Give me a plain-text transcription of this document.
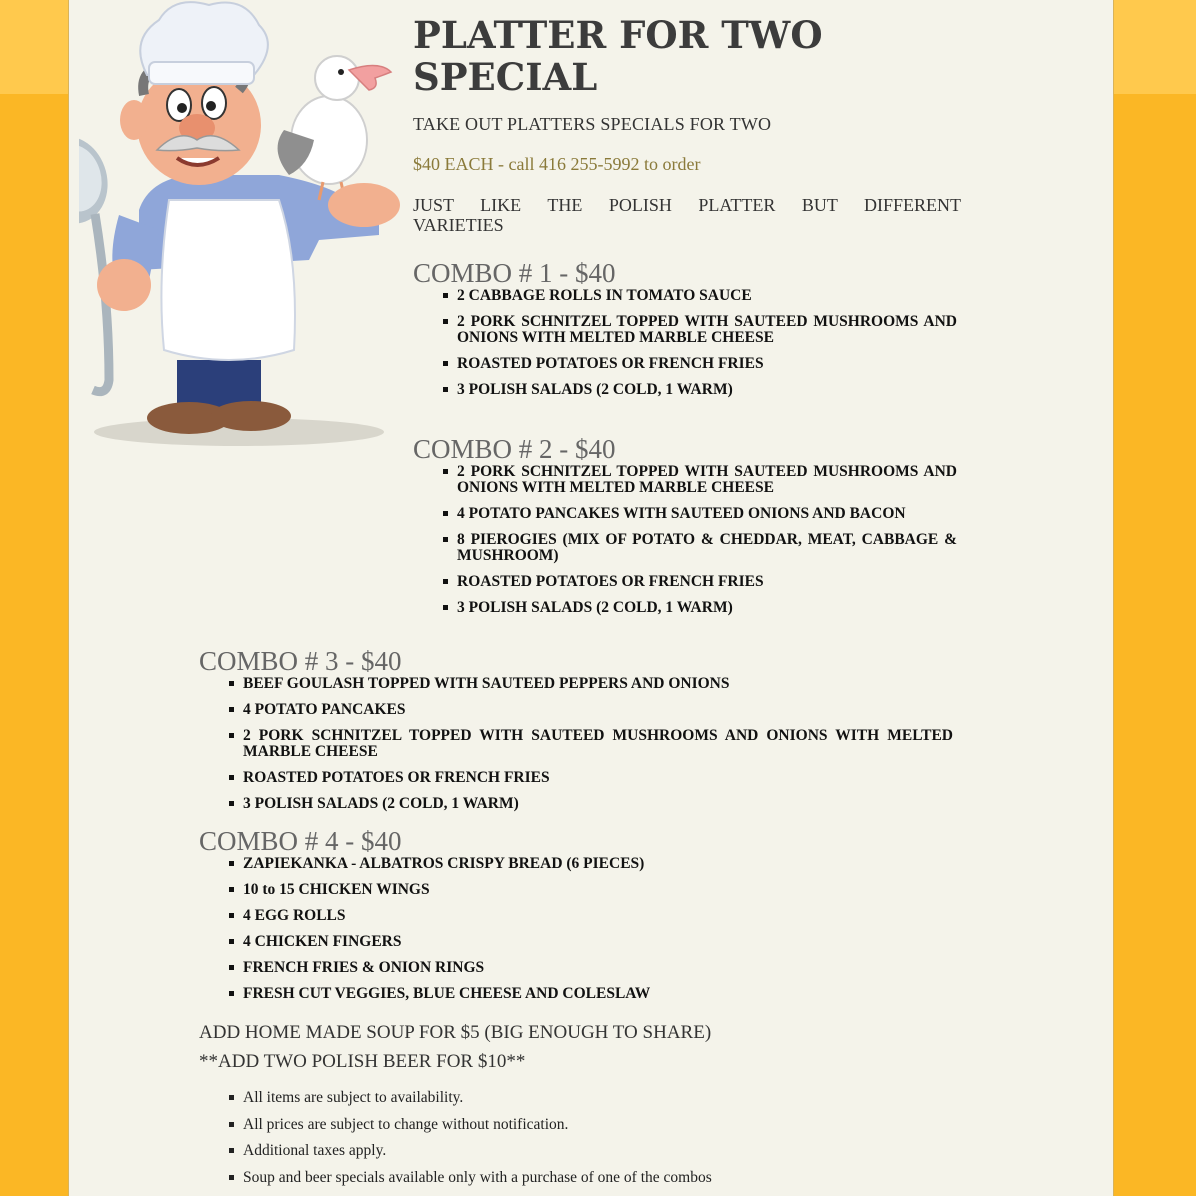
PLATTER FOR TWO
SPECIAL

TAKE OUT PLATTERS SPECIALS FOR TWO

$40 EACH - call 416 255-5992 to order

JUST LIKE THE POLISH PLATTER BUT DIFFERENT VARIETIES

COMBO # 1 - $40
2 CABBAGE ROLLS IN TOMATO SAUCE
2 PORK SCHNITZEL TOPPED WITH SAUTEED MUSHROOMS AND ONIONS WITH MELTED MARBLE CHEESE
ROASTED POTATOES OR FRENCH FRIES
3 POLISH SALADS (2 COLD, 1 WARM)
COMBO # 2 - $40
2 PORK SCHNITZEL TOPPED WITH SAUTEED MUSHROOMS AND ONIONS WITH MELTED MARBLE CHEESE
4 POTATO PANCAKES WITH SAUTEED ONIONS AND BACON
8 PIEROGIES (MIX OF POTATO & CHEDDAR, MEAT, CABBAGE & MUSHROOM)
ROASTED POTATOES OR FRENCH FRIES
3 POLISH SALADS (2 COLD, 1 WARM)
COMBO # 3 - $40
BEEF GOULASH TOPPED WITH SAUTEED PEPPERS AND ONIONS
4 POTATO PANCAKES
2 PORK SCHNITZEL TOPPED WITH SAUTEED MUSHROOMS AND ONIONS WITH MELTED MARBLE CHEESE
ROASTED POTATOES OR FRENCH FRIES
3 POLISH SALADS (2 COLD, 1 WARM)
COMBO # 4 - $40
ZAPIEKANKA - ALBATROS CRISPY BREAD (6 PIECES)
10 to 15 CHICKEN WINGS
4 EGG ROLLS
4 CHICKEN FINGERS
FRENCH FRIES & ONION RINGS
FRESH CUT VEGGIES, BLUE CHEESE AND COLESLAW

ADD HOME MADE SOUP FOR $5 (BIG ENOUGH TO SHARE)

**ADD TWO POLISH BEER FOR $10**

All items are subject to availability.
All prices are subject to change without notification.
Additional taxes apply.
Soup and beer specials available only with a purchase of one of the combos
